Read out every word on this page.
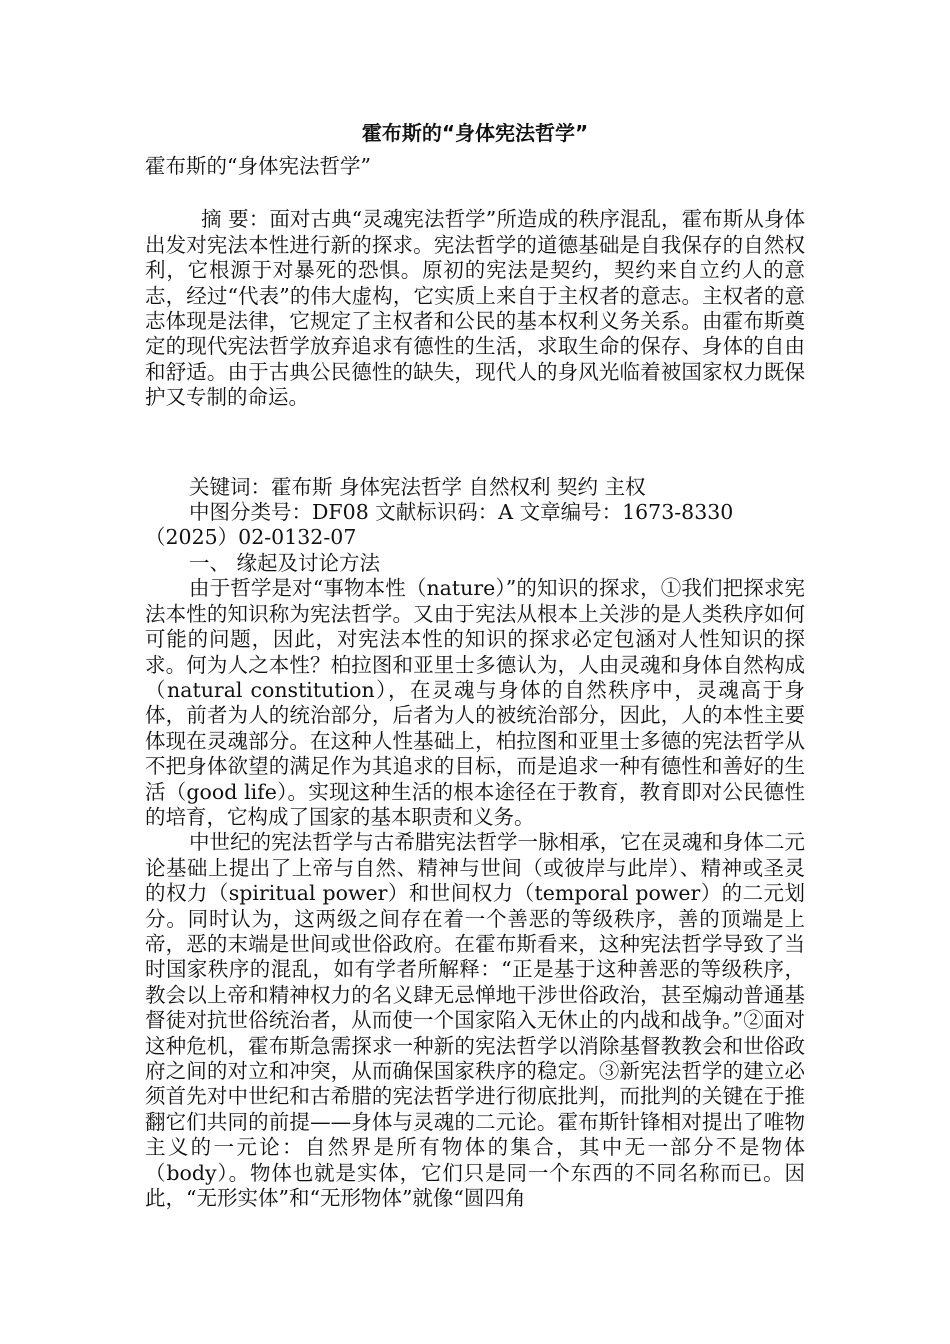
霍布斯的“身体宪法哲学”

霍布斯的“身体宪法哲学”

摘 要：面对古典“灵魂宪法哲学”所造成的秩序混乱，霍布斯从身体出发对宪法本性进行新的探求。宪法哲学的道德基础是自我保存的自然权利，它根源于对暴死的恐惧。原初的宪法是契约，契约来自立约人的意志，经过“代表”的伟大虚构，它实质上来自于主权者的意志。主权者的意志体现是法律，它规定了主权者和公民的基本权利义务关系。由霍布斯奠定的现代宪法哲学放弃追求有德性的生活，求取生命的保存、身体的自由和舒适。由于古典公民德性的缺失，现代人的身风光临着被国家权力既保护又专制的命运。

关键词：霍布斯 身体宪法哲学 自然权利 契约 主权

中图分类号：DF08 文献标识码：A 文章编号：1673-8330（2025）02-0132-07

一、 缘起及讨论方法

由于哲学是对“事物本性（nature）”的知识的探求，①我们把探求宪法本性的知识称为宪法哲学。又由于宪法从根本上关涉的是人类秩序如何可能的问题，因此，对宪法本性的知识的探求必定包涵对人性知识的探求。何为人之本性？柏拉图和亚里士多德认为，人由灵魂和身体自然构成（natural constitution），在灵魂与身体的自然秩序中，灵魂高于身体，前者为人的统治部分，后者为人的被统治部分，因此，人的本性主要体现在灵魂部分。在这种人性基础上，柏拉图和亚里士多德的宪法哲学从不把身体欲望的满足作为其追求的目标，而是追求一种有德性和善好的生活（good life）。实现这种生活的根本途径在于教育，教育即对公民德性的培育，它构成了国家的基本职责和义务。

中世纪的宪法哲学与古希腊宪法哲学一脉相承，它在灵魂和身体二元论基础上提出了上帝与自然、精神与世间（或彼岸与此岸）、精神或圣灵的权力（spiritual power）和世间权力（temporal power）的二元划分。同时认为，这两级之间存在着一个善恶的等级秩序，善的顶端是上帝，恶的末端是世间或世俗政府。在霍布斯看来，这种宪法哲学导致了当时国家秩序的混乱，如有学者所解释：“正是基于这种善恶的等级秩序，教会以上帝和精神权力的名义肆无忌惮地干涉世俗政治，甚至煽动普通基督徒对抗世俗统治者，从而使一个国家陷入无休止的内战和战争。”②面对这种危机，霍布斯急需探求一种新的宪法哲学以消除基督教教会和世俗政府之间的对立和冲突，从而确保国家秩序的稳定。③新宪法哲学的建立必须首先对中世纪和古希腊的宪法哲学进行彻底批判，而批判的关键在于推翻它们共同的前提——身体与灵魂的二元论。霍布斯针锋相对提出了唯物主义的一元论：自然界是所有物体的集合，其中无一部分不是物体（body）。物体也就是实体，它们只是同一个东西的不同名称而已。因此，“无形实体”和“无形物体”就像“圆四角
